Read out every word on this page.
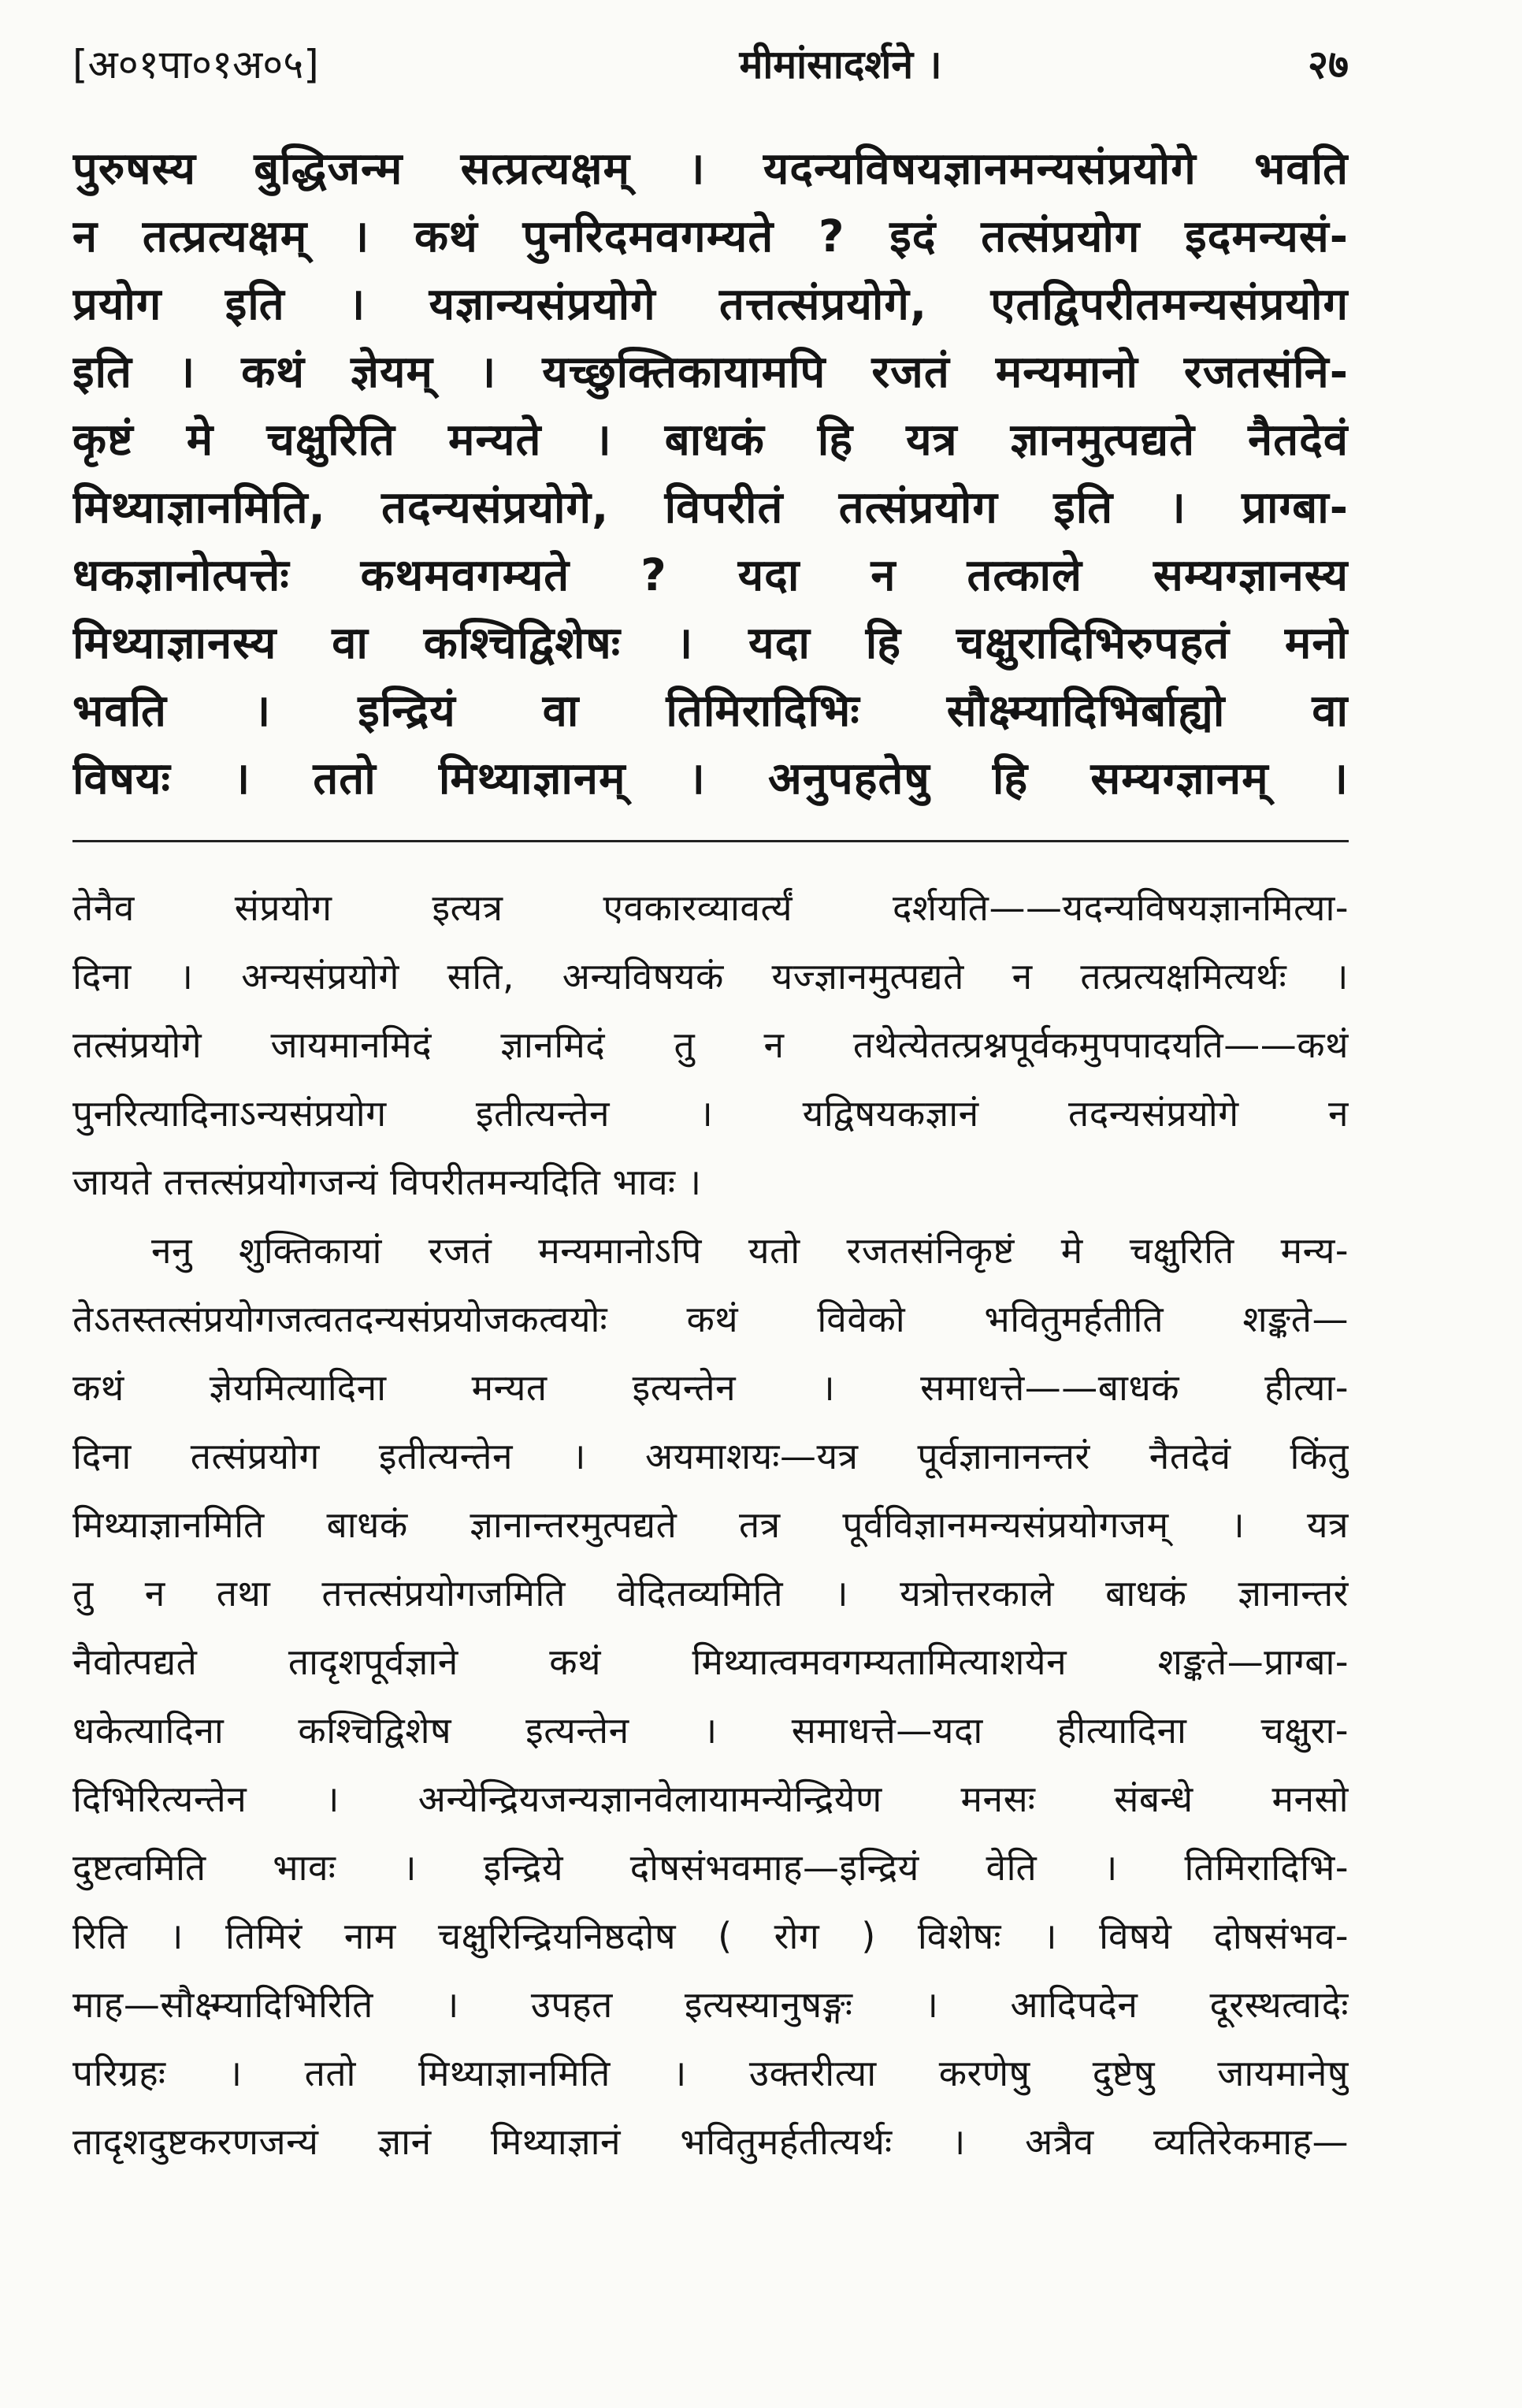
[अ०१पा०१अ०५]	मीमांसादर्शने ।	२७

पुरुषस्य बुद्धिजन्म सत्प्रत्यक्षम् । यदन्यविषयज्ञानमन्यसंप्रयोगे भवति

न तत्प्रत्यक्षम् । कथं पुनरिदमवगम्यते ? इदं तत्संप्रयोग इदमन्यसं-

प्रयोग इति । यज्ञान्यसंप्रयोगे तत्तत्संप्रयोगे, एतद्विपरीतमन्यसंप्रयोग

इति । कथं ज्ञेयम् । यच्छुक्तिकायामपि रजतं मन्यमानो रजतसंनि-

कृष्टं मे चक्षुरिति मन्यते । बाधकं हि यत्र ज्ञानमुत्पद्यते नैतदेवं

मिथ्याज्ञानमिति, तदन्यसंप्रयोगे, विपरीतं तत्संप्रयोग इति । प्राग्बा-

धकज्ञानोत्पत्तेः कथमवगम्यते ? यदा न तत्काले सम्यग्ज्ञानस्य

मिथ्याज्ञानस्य वा कश्चिद्विशेषः । यदा हि चक्षुरादिभिरुपहतं मनो

भवति । इन्द्रियं वा तिमिरादिभिः सौक्ष्म्यादिभिर्बाह्यो वा

विषयः । ततो मिथ्याज्ञानम् । अनुपहतेषु हि सम्यग्ज्ञानम् ।

तेनैव संप्रयोग इत्यत्र एवकारव्यावर्त्यं दर्शयति——यदन्यविषयज्ञानमित्या-

दिना । अन्यसंप्रयोगे सति, अन्यविषयकं यज्ज्ञानमुत्पद्यते न तत्प्रत्यक्षमित्यर्थः ।

तत्संप्रयोगे जायमानमिदं ज्ञानमिदं तु न तथेत्येतत्प्रश्नपूर्वकमुपपादयति——कथं

पुनरित्यादिनाऽन्यसंप्रयोग इतीत्यन्तेन । यद्विषयकज्ञानं तदन्यसंप्रयोगे न

जायते तत्तत्संप्रयोगजन्यं विपरीतमन्यदिति भावः ।

ननु शुक्तिकायां रजतं मन्यमानोऽपि यतो रजतसंनिकृष्टं मे चक्षुरिति मन्य-

तेऽतस्तत्संप्रयोगजत्वतदन्यसंप्रयोजकत्वयोः कथं विवेको भवितुमर्हतीति शङ्कते—

कथं ज्ञेयमित्यादिना मन्यत इत्यन्तेन । समाधत्ते——बाधकं हीत्या-

दिना तत्संप्रयोग इतीत्यन्तेन । अयमाशयः—यत्र पूर्वज्ञानानन्तरं नैतदेवं किंतु

मिथ्याज्ञानमिति बाधकं ज्ञानान्तरमुत्पद्यते तत्र पूर्वविज्ञानमन्यसंप्रयोगजम् । यत्र

तु न तथा तत्तत्संप्रयोगजमिति वेदितव्यमिति । यत्रोत्तरकाले बाधकं ज्ञानान्तरं

नैवोत्पद्यते तादृशपूर्वज्ञाने कथं मिथ्यात्वमवगम्यतामित्याशयेन शङ्कते—प्राग्बा-

धकेत्यादिना कश्चिद्विशेष इत्यन्तेन । समाधत्ते—यदा हीत्यादिना चक्षुरा-

दिभिरित्यन्तेन । अन्येन्द्रियजन्यज्ञानवेलायामन्येन्द्रियेण मनसः संबन्धे मनसो

दुष्टत्वमिति भावः । इन्द्रिये दोषसंभवमाह—इन्द्रियं वेति । तिमिरादिभि-

रिति । तिमिरं नाम चक्षुरिन्द्रियनिष्ठदोष ( रोग ) विशेषः । विषये दोषसंभव-

माह—सौक्ष्म्यादिभिरिति । उपहत इत्यस्यानुषङ्गः । आदिपदेन दूरस्थत्वादेः

परिग्रहः । ततो मिथ्याज्ञानमिति । उक्तरीत्या करणेषु दुष्टेषु जायमानेषु

तादृशदुष्टकरणजन्यं ज्ञानं मिथ्याज्ञानं भवितुमर्हतीत्यर्थः । अत्रैव व्यतिरेकमाह—
